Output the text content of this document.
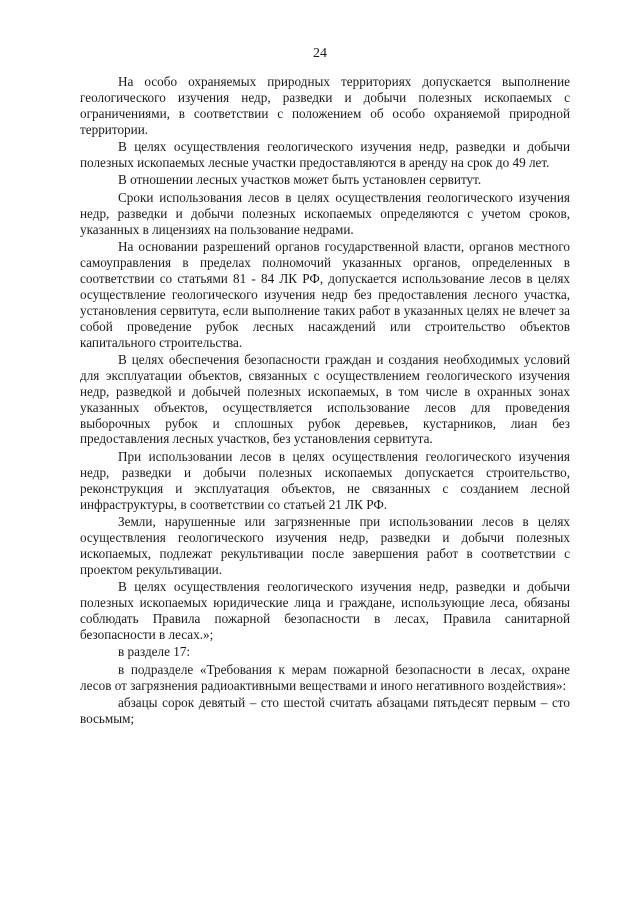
24

На особо охраняемых природных территориях допускается выполнение геологического изучения недр, разведки и добычи полезных ископаемых с ограничениями, в соответствии с положением об особо охраняемой природной территории.

В целях осуществления геологического изучения недр, разведки и добычи полезных ископаемых лесные участки предоставляются в аренду на срок до 49 лет.

В отношении лесных участков может быть установлен сервитут.

Сроки использования лесов в целях осуществления геологического изучения недр, разведки и добычи полезных ископаемых определяются с учетом сроков, указанных в лицензиях на пользование недрами.

На основании разрешений органов государственной власти, органов местного самоуправления в пределах полномочий указанных органов, определенных в соответствии со статьями 81 - 84 ЛК РФ, допускается использование лесов в целях осуществление геологического изучения недр без предоставления лесного участка, установления сервитута, если выполнение таких работ в указанных целях не влечет за собой проведение рубок лесных насаждений или строительство объектов капитального строительства.

В целях обеспечения безопасности граждан и создания необходимых условий для эксплуатации объектов, связанных с осуществлением геологического изучения недр, разведкой и добычей полезных ископаемых, в том числе в охранных зонах указанных объектов, осуществляется использование лесов для проведения выборочных рубок и сплошных рубок деревьев, кустарников, лиан без предоставления лесных участков, без установления сервитута.

При использовании лесов в целях осуществления геологического изучения недр, разведки и добычи полезных ископаемых допускается строительство, реконструкция и эксплуатация объектов, не связанных с созданием лесной инфраструктуры, в соответствии со статьей 21 ЛК РФ.

Земли, нарушенные или загрязненные при использовании лесов в целях осуществления геологического изучения недр, разведки и добычи полезных ископаемых, подлежат рекультивации после завершения работ в соответствии с проектом рекультивации.

В целях осуществления геологического изучения недр, разведки и добычи полезных ископаемых юридические лица и граждане, использующие леса, обязаны соблюдать Правила пожарной безопасности в лесах, Правила санитарной безопасности в лесах.»;

в разделе 17:

в подразделе «Требования к мерам пожарной безопасности в лесах, охране лесов от загрязнения радиоактивными веществами и иного негативного воздействия»:

абзацы сорок девятый – сто шестой считать абзацами пятьдесят первым – сто восьмым;
